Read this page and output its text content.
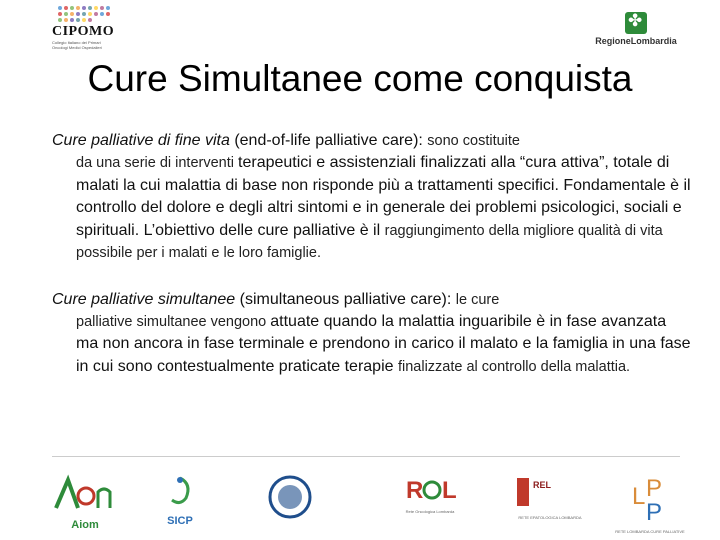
CIPOMO
Collegio Italiano dei Primari Oncologi Medici Ospedalieri
✤
RegioneLombardia
Cure Simultanee come conquista
Cure palliative di fine vita (end-of-life palliative care): sono costituite
da una serie di interventi terapeutici e assistenziali finalizzati alla “cura attiva”, totale di malati la cui malattia di base non risponde più a trattamenti specifici. Fondamentale è il controllo del dolore e degli altri sintomi e in generale dei problemi psicologici, sociali e spirituali. L’obiettivo delle cure palliative è il raggiungimento della migliore qualità di vita possibile per i malati e le loro famiglie.
Cure palliative simultanee (simultaneous palliative care): le cure
palliative simultanee vengono attuate quando la malattia inguaribile è in fase avanzata ma non ancora in fase terminale e prendono in carico il malato e la famiglia in una fase in cui sono contestualmente praticate terapie finalizzate al controllo della malattia.
Aiom	SICP
R L
Rete Oncologica Lombarda
REL
RETE EPATOLOGICA LOMBARDA
L P
P
RETE LOMBARDA CURE PALLIATIVE
